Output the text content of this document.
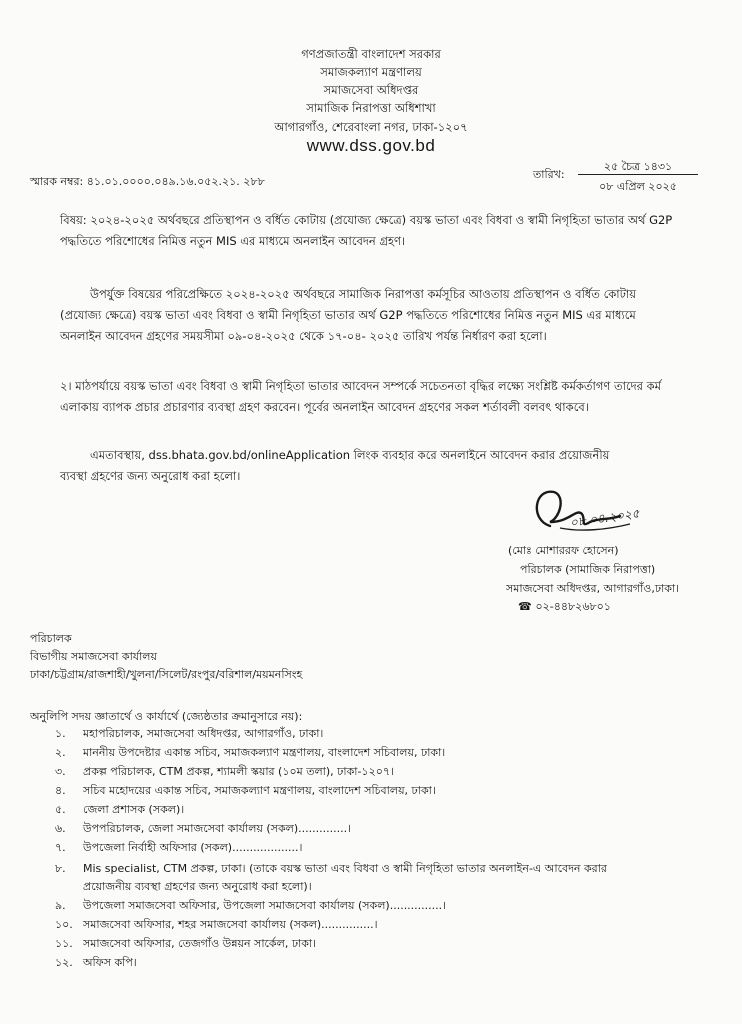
গণপ্রজাতন্ত্রী বাংলাদেশ সরকার
সমাজকল্যাণ মন্ত্রণালয়
সমাজসেবা অধিদপ্তর
সামাজিক নিরাপত্তা অধিশাখা
আগারগাঁও, শেরেবাংলা নগর, ঢাকা-১২০৭
www.dss.gov.bd
স্মারক নম্বর: ৪১.০১.০০০০.০৪৯.১৬.০৫২.২১. ২৮৮
তারিখ:
২৫ চৈত্র ১৪৩১
০৮ এপ্রিল ২০২৫
বিষয়: ২০২৪-২০২৫ অর্থবছরে প্রতিস্থাপন ও বর্ধিত কোটায় (প্রযোজ্য ক্ষেত্রে) বয়স্ক ভাতা এবং বিধবা ও স্বামী নিগৃহিতা ভাতার অর্থ G2P
পদ্ধতিতে পরিশোধের নিমিত্ত নতুন MIS এর মাধ্যমে অনলাইন আবেদন গ্রহণ।
উপর্যুক্ত বিষয়ের পরিপ্রেক্ষিতে ২০২৪-২০২৫ অর্থবছরে সামাজিক নিরাপত্তা কর্মসূচির আওতায় প্রতিস্থাপন ও বর্ধিত কোটায়
(প্রযোজ্য ক্ষেত্রে) বয়স্ক ভাতা এবং বিধবা ও স্বামী নিগৃহিতা ভাতার অর্থ G2P পদ্ধতিতে পরিশোধের নিমিত্ত নতুন MIS এর মাধ্যমে
অনলাইন আবেদন গ্রহণের সময়সীমা ০৯-০৪-২০২৫ থেকে ১৭-০৪- ২০২৫ তারিখ পর্যন্ত নির্ধারণ করা হলো।
২। মাঠপর্যায়ে বয়স্ক ভাতা এবং বিধবা ও স্বামী নিগৃহিতা ভাতার আবেদন সম্পর্কে সচেতনতা বৃদ্ধির লক্ষ্যে সংশ্লিষ্ট কর্মকর্তাগণ তাদের কর্ম
এলাকায় ব্যাপক প্রচার প্রচারণার ব্যবস্থা গ্রহণ করবেন। পূর্বের অনলাইন আবেদন গ্রহণের সকল শর্তাবলী বলবৎ থাকবে।
এমতাবস্থায়, dss.bhata.gov.bd/onlineApplication লিংক ব্যবহার করে অনলাইনে আবেদন করার প্রয়োজনীয়
ব্যবস্থা গ্রহণের জন্য অনুরোধ করা হলো।
০৮.০৪.২০২৫
(মোঃ মোশাররফ হোসেন)
পরিচালক (সামাজিক নিরাপত্তা)
সমাজসেবা অধিদপ্তর, আগারগাঁও,ঢাকা।
☎ ০২-৪৪৮২৬৮০১
পরিচালক
বিভাগীয় সমাজসেবা কার্যালয়
ঢাকা/চট্টগ্রাম/রাজশাহী/খুলনা/সিলেট/রংপুর/বরিশাল/ময়মনসিংহ
অনুলিপি সদয় জ্ঞাতার্থে ও কার্যার্থে (জ্যেষ্ঠতার ক্রমানুসারে নয়):
১. মহাপরিচালক, সমাজসেবা অধিদপ্তর, আগারগাঁও, ঢাকা।
২. মাননীয় উপদেষ্টার একান্ত সচিব, সমাজকল্যাণ মন্ত্রণালয়, বাংলাদেশ সচিবালয়, ঢাকা।
৩. প্রকল্প পরিচালক, CTM প্রকল্প, শ্যামলী স্কয়ার (১০ম তলা), ঢাকা-১২০৭।
৪. সচিব মহোদয়ের একান্ত সচিব, সমাজকল্যাণ মন্ত্রণালয়, বাংলাদেশ সচিবালয়, ঢাকা।
৫. জেলা প্রশাসক (সকল)।
৬. উপপরিচালক, জেলা সমাজসেবা কার্যালয় (সকল)..............।
৭. উপজেলা নির্বাহী অফিসার (সকল)...................।
৮. Mis specialist, CTM প্রকল্প, ঢাকা। (তাকে বয়স্ক ভাতা এবং বিধবা ও স্বামী নিগৃহিতা ভাতার অনলাইন-এ আবেদন করার
প্রয়োজনীয় ব্যবস্থা গ্রহণের জন্য অনুরোধ করা হলো)।
৯. উপজেলা সমাজসেবা অফিসার, উপজেলা সমাজসেবা কার্যালয় (সকল)...............।
১০. সমাজসেবা অফিসার, শহর সমাজসেবা কার্যালয় (সকল)...............।
১১. সমাজসেবা অফিসার, তেজগাঁও উন্নয়ন সার্কেল, ঢাকা।
১২. অফিস কপি।
